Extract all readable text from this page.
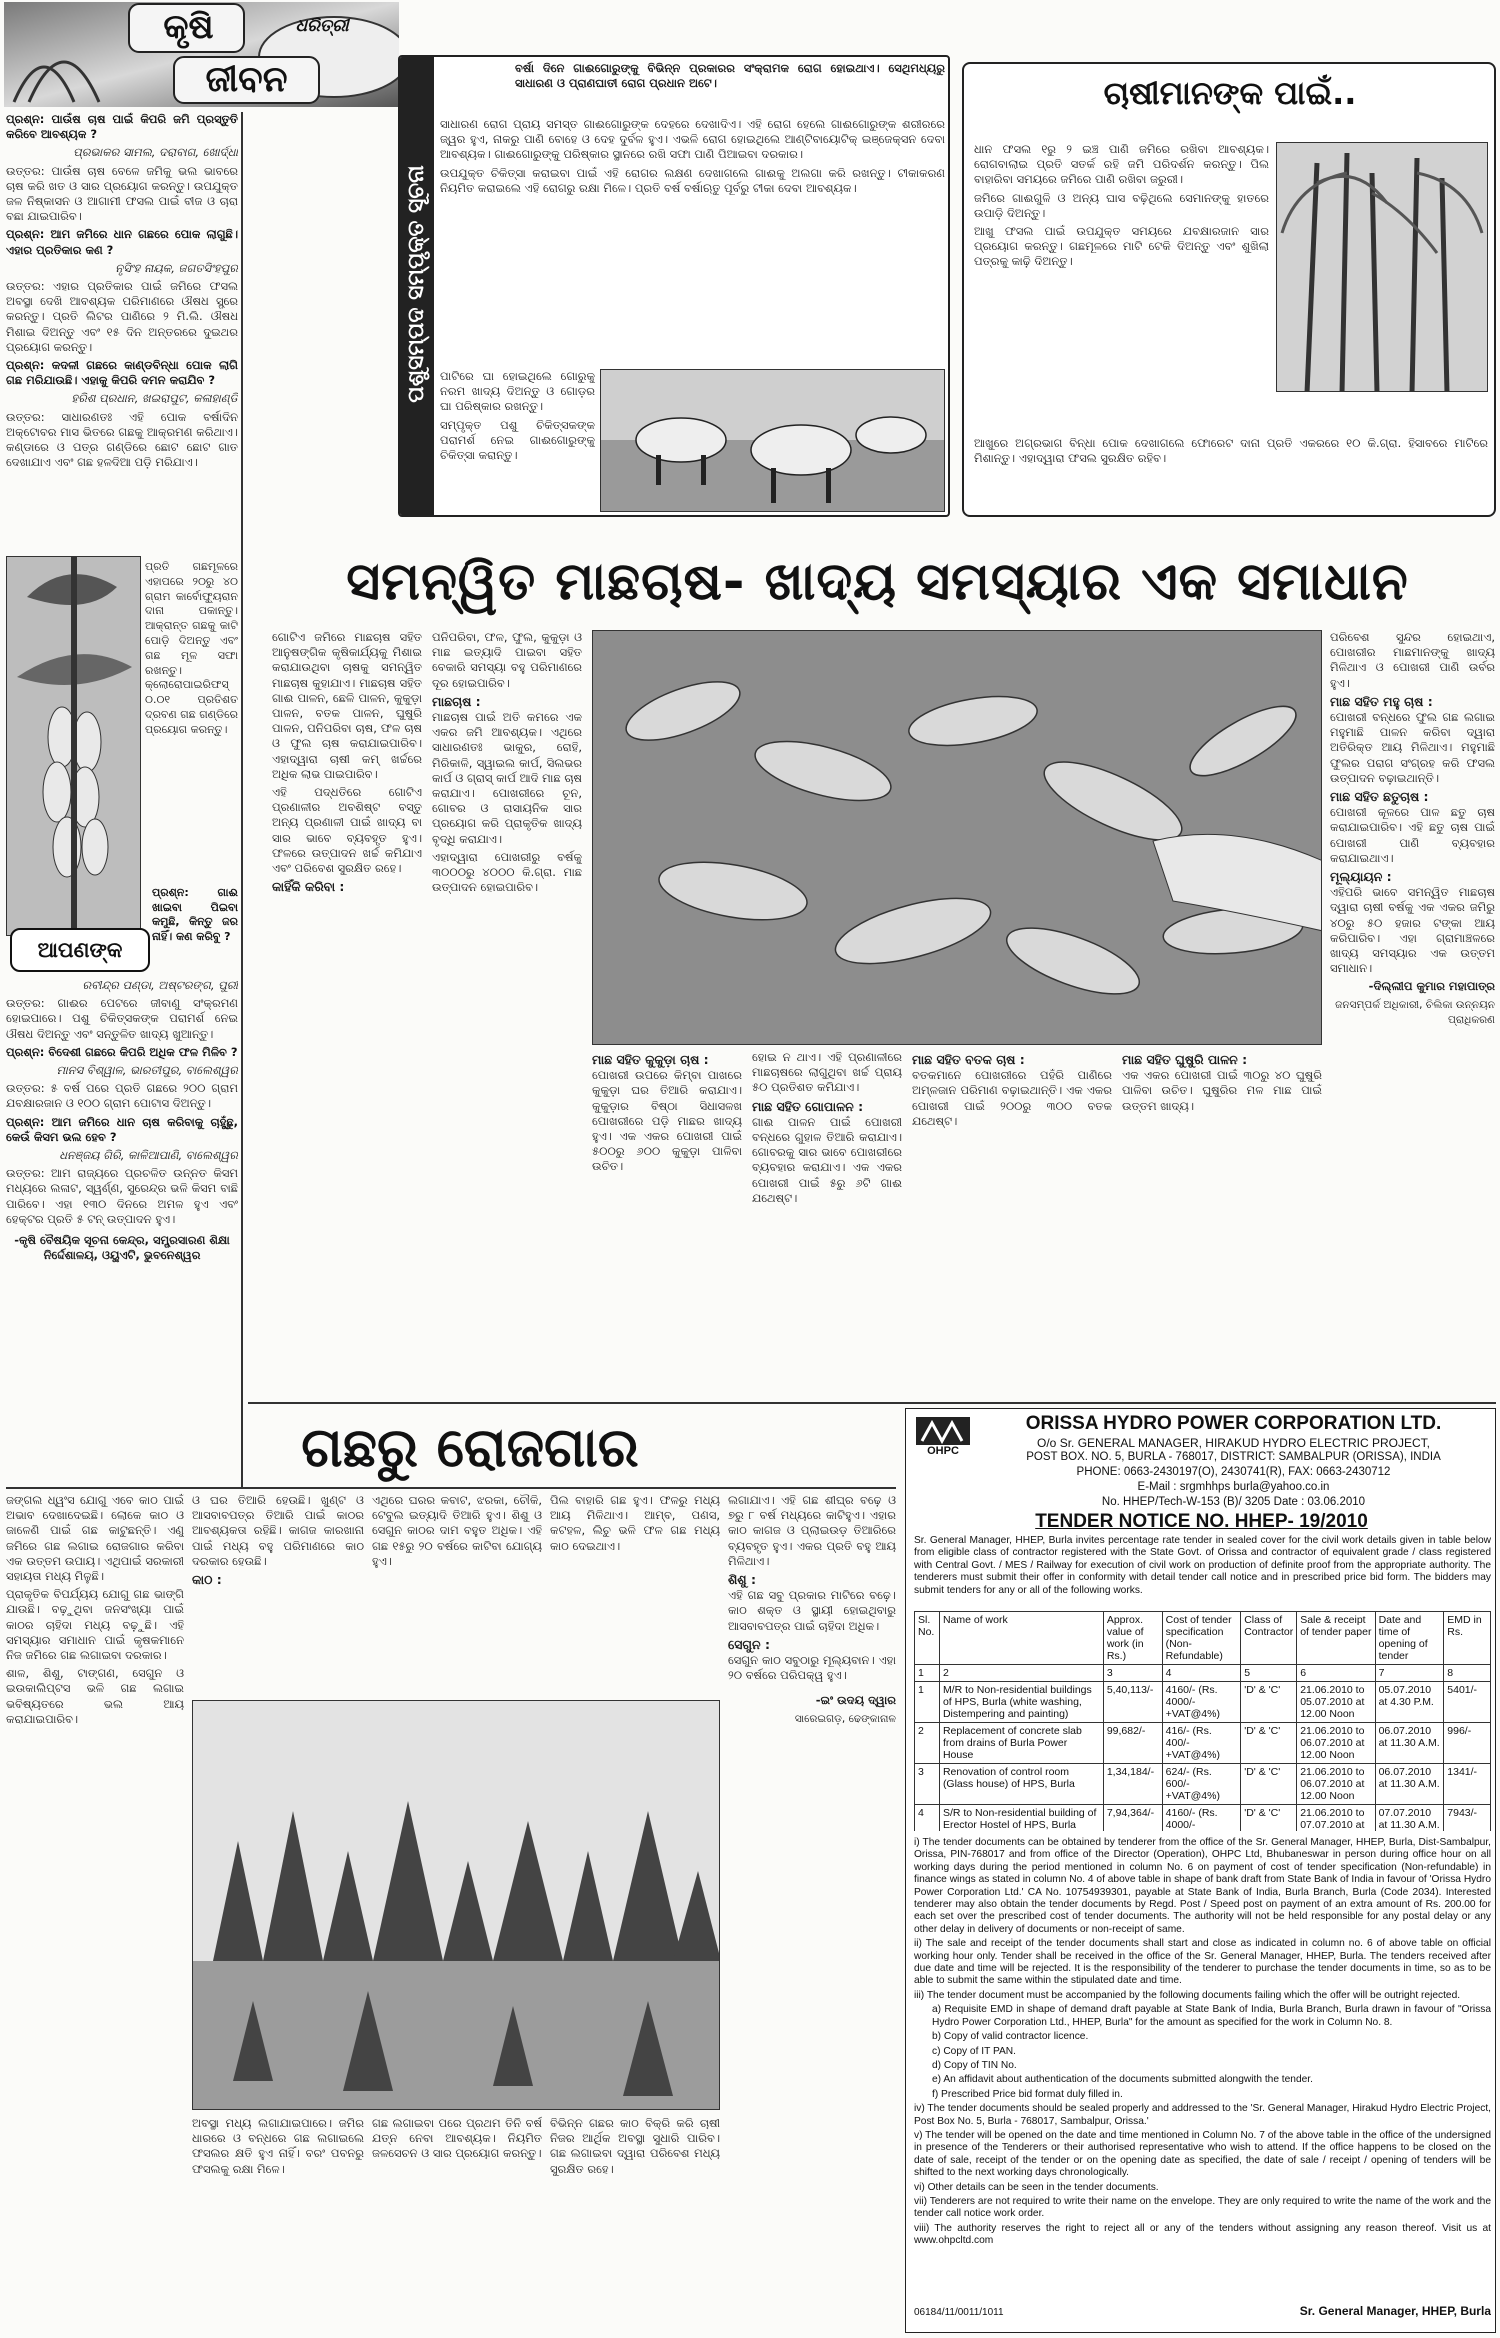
କୃଷି
ଜୀବନ
ଧରିତ୍ରୀ

ପ୍ରଶ୍ନ: ପାଉଁଷ ଚାଷ ପାଇଁ କିପରି ଜମି ପ୍ରସ୍ତୁତି କରିବେ ଆବଶ୍ୟକ ?

ପ୍ରଭାକର ସାମଲ, ଦରାବାଗ, ଖୋର୍ଦ୍ଧା

ଉତ୍ତର: ପାଉଁଷ ଚାଷ ବେଳେ ଜମିକୁ ଭଲ ଭାବରେ ଚାଷ କରି ଖତ ଓ ସାର ପ୍ରୟୋଗ କରନ୍ତୁ। ଉପଯୁକ୍ତ ଜଳ ନିଷ୍କାସନ ଓ ଆଗାମୀ ଫସଲ ପାଇଁ ବୀଜ ଓ ଚାରା ବଛା ଯାଇପାରିବ।

ପ୍ରଶ୍ନ: ଆମ ଜମିରେ ଧାନ ଗଛରେ ପୋକ ଲାଗୁଛି। ଏହାର ପ୍ରତିକାର କଣ ?

ନୃସିଂହ ନାୟକ, ଜଗତସିଂହପୁର

ଉତ୍ତର: ଏହାର ପ୍ରତିକାର ପାଇଁ ଜମିରେ ଫସଲ ଅବସ୍ଥା ଦେଖି ଆବଶ୍ୟକ ପରିମାଣରେ ଔଷଧ ସ୍ପ୍ରେ କରନ୍ତୁ। ପ୍ରତି ଲିଟର ପାଣିରେ ୨ ମି.ଲି. ଔଷଧ ମିଶାଇ ଦିଅନ୍ତୁ ଏବଂ ୧୫ ଦିନ ଅନ୍ତରରେ ଦୁଇଥର ପ୍ରୟୋଗ କରନ୍ତୁ।

ପ୍ରଶ୍ନ: କଦଳୀ ଗଛରେ କାଣ୍ଡବିନ୍ଧା ପୋକ ଲାଗି ଗଛ ମରିଯାଉଛି। ଏହାକୁ କିପରି ଦମନ କରାଯିବ ?

ହରିଶ ପ୍ରଧାନ, ଖଇରାପୁଟ, କଳାହାଣ୍ଡି

ଉତ୍ତର: ସାଧାରଣତଃ ଏହି ପୋକ ବର୍ଷାଦିନ ଅକ୍ଟୋବର ମାସ ଭିତରେ ଗଛକୁ ଆକ୍ରମଣ କରିଥାଏ। କଣ୍ଡାରେ ଓ ପତ୍ର ଗଣ୍ଡିରେ ଛୋଟ ଛୋଟ ଗାତ ଦେଖାଯାଏ ଏବଂ ଗଛ ହଳଦିଆ ପଡ଼ି ମରିଯାଏ।

ପ୍ରତି ଗଛମୂଳରେ ଏହାପରେ ୨୦ରୁ ୪୦ ଗ୍ରାମ କାର୍ବୋଫ୍ୟୁରାନ ଦାନା ପକାନ୍ତୁ। ଆକ୍ରାନ୍ତ ଗଛକୁ କାଟି ପୋଡ଼ି ଦିଅନ୍ତୁ ଏବଂ ଗଛ ମୂଳ ସଫା ରଖନ୍ତୁ। କ୍ଲୋରୋପାଇରିଫସ୍ ୦.୦୧ ପ୍ରତିଶତ ଦ୍ରବଣ ଗଛ ଗଣ୍ଡିରେ ପ୍ରୟୋଗ କରନ୍ତୁ।
ଆପଣଙ୍କ

ପ୍ରଶ୍ନ: ଗାଈ ଖାଇବା ପିଇବା କମୁଛି, କିନ୍ତୁ ଜର ନାହିଁ। କଣ କରିବୁ ?

ରବୀନ୍ଦ୍ର ପଣ୍ଡା, ଅଷ୍ଟରଙ୍ଗ, ପୁରୀ

ଉତ୍ତର: ଗାଈର ପେଟରେ ଜୀବାଣୁ ସଂକ୍ରମଣ ହୋଇପାରେ। ପଶୁ ଚିକିତ୍ସକଙ୍କ ପରାମର୍ଶ ନେଇ ଔଷଧ ଦିଅନ୍ତୁ ଏବଂ ସନ୍ତୁଳିତ ଖାଦ୍ୟ ଖୁଆନ୍ତୁ।

ପ୍ରଶ୍ନ: ବିଦେଶୀ ଗଛରେ କିପରି ଅଧିକ ଫଳ ମିଳିବ ?

ମାନସ ବିଶ୍ୱାଳ, ଭାରତୀପୁର, ବାଲେଶ୍ୱର

ଉତ୍ତର: ୫ ବର୍ଷ ପରେ ପ୍ରତି ଗଛରେ ୨୦୦ ଗ୍ରାମ ଯବକ୍ଷାରଜାନ ଓ ୧୦୦ ଗ୍ରାମ ପୋଟାସ ଦିଅନ୍ତୁ।

ପ୍ରଶ୍ନ: ଆମ ଜମିରେ ଧାନ ଚାଷ କରିବାକୁ ଚାହୁଁଛୁ, କେଉଁ କିସମ ଭଲ ହେବ ?

ଧନଞ୍ଜୟ ଗିରି, କାଳିଆପାଣି, ବାଲେଶ୍ୱର

ଉତ୍ତର: ଆମ ରାଜ୍ୟରେ ପ୍ରଚଳିତ ଉନ୍ନତ କିସମ ମଧ୍ୟରେ ଲଳାଟ, ସ୍ୱର୍ଣ୍ଣ, ସୁରେନ୍ଦ୍ର ଭଳି କିସମ ବାଛି ପାରିବେ। ଏହା ୧୩୦ ଦିନରେ ଅମଳ ହୁଏ ଏବଂ ହେକ୍ଟର ପ୍ରତି ୫ ଟନ୍ ଉତ୍ପାଦନ ହୁଏ।

-କୃଷି ବୈଷୟିକ ସୂଚନା କେନ୍ଦ୍ର, ସମ୍ପ୍ରସାରଣ ଶିକ୍ଷା ନିର୍ଦ୍ଦେଶାଳୟ, ଓୟୁଏଟି, ଭୁବନେଶ୍ୱର

ପଶୁସମ୍ପଦ ସମ୍ପୃକ୍ତ ସୂଚନା
ବର୍ଷା ଦିନେ ଗାଈଗୋରୁଙ୍କୁ ବିଭିନ୍ନ ପ୍ରକାରର ସଂକ୍ରାମକ ରୋଗ ହୋଇଥାଏ। ସେଥିମଧ୍ୟରୁ ସାଧାରଣ ଓ ପ୍ରାଣଘାତୀ ରୋଗ ପ୍ରଧାନ ଅଟେ।

ସାଧାରଣ ରୋଗ ପ୍ରାୟ ସମସ୍ତ ଗାଈଗୋରୁଙ୍କ ଦେହରେ ଦେଖାଦିଏ। ଏହି ରୋଗ ହେଲେ ଗାଈଗୋରୁଙ୍କ ଶରୀରରେ ଜ୍ୱର ହୁଏ, ନାକରୁ ପାଣି ବୋହେ ଓ ଦେହ ଦୁର୍ବଳ ହୁଏ। ଏଭଳି ରୋଗ ହୋଇଥିଲେ ଆଣ୍ଟିବାୟୋଟିକ୍ ଇଞ୍ଜେକ୍ସନ ଦେବା ଆବଶ୍ୟକ। ଗାଈଗୋରୁଙ୍କୁ ପରିଷ୍କାର ସ୍ଥାନରେ ରଖି ସଫା ପାଣି ପିଆଇବା ଦରକାର।

ଉପଯୁକ୍ତ ଚିକିତ୍ସା କରାଇବା ପାଇଁ ଏହି ରୋଗର ଲକ୍ଷଣ ଦେଖାଗଲେ ଗାଈକୁ ଅଲଗା କରି ରଖନ୍ତୁ। ଟୀକାକରଣ ନିୟମିତ କରାଇଲେ ଏହି ରୋଗରୁ ରକ୍ଷା ମିଳେ। ପ୍ରତି ବର୍ଷ ବର୍ଷାଋତୁ ପୂର୍ବରୁ ଟୀକା ଦେବା ଆବଶ୍ୟକ।

ପାଟିରେ ଘା ହୋଇଥିଲେ ଗୋରୁକୁ ନରମ ଖାଦ୍ୟ ଦିଅନ୍ତୁ ଓ ଗୋଡ଼ର ଘା ପରିଷ୍କାର ରଖନ୍ତୁ।

ସମ୍ପୃକ୍ତ ପଶୁ ଚିକିତ୍ସକଙ୍କ ପରାମର୍ଶ ନେଇ ଗାଈଗୋରୁଙ୍କୁ ଚିକିତ୍ସା କରାନ୍ତୁ।

ଚାଷୀମାନଙ୍କ ପାଇଁ..

ଧାନ ଫସଲ ୧ରୁ ୨ ଇଞ୍ଚ ପାଣି ଜମିରେ ରଖିବା ଆବଶ୍ୟକ। ରୋଗବାଲାଇ ପ୍ରତି ସତର୍କ ରହି ଜମି ପରିଦର୍ଶନ କରନ୍ତୁ। ପିଲ ବାହାରିବା ସମୟରେ ଜମିରେ ପାଣି ରଖିବା ଜରୁରୀ।

ଜମିରେ ଗାଈଗୁଳି ଓ ଅନ୍ୟ ଘାସ ବଢ଼ିଥିଲେ ସେମାନଙ୍କୁ ହାତରେ ଉପାଡ଼ି ଦିଅନ୍ତୁ।

ଆଖୁ ଫସଲ ପାଇଁ ଉପଯୁକ୍ତ ସମୟରେ ଯବକ୍ଷାରଜାନ ସାର ପ୍ରୟୋଗ କରନ୍ତୁ। ଗଛମୂଳରେ ମାଟି ଟେକି ଦିଅନ୍ତୁ ଏବଂ ଶୁଖିଲା ପତ୍ରକୁ କାଢ଼ି ଦିଅନ୍ତୁ।

ଆଖୁରେ ଅଗ୍ରଭାଗ ବିନ୍ଧା ପୋକ ଦେଖାଗଲେ ଫୋରେଟ ଦାନା ପ୍ରତି ଏକରରେ ୧୦ କି.ଗ୍ରା. ହିସାବରେ ମାଟିରେ ମିଶାନ୍ତୁ। ଏହାଦ୍ୱାରା ଫସଲ ସୁରକ୍ଷିତ ରହିବ।

ସମନ୍ୱିତ ମାଛଚାଷ- ଖାଦ୍ୟ ସମସ୍ୟାର ଏକ ସମାଧାନ

ଗୋଟିଏ ଜମିରେ ମାଛଚାଷ ସହିତ ଆନୁଷଙ୍ଗିକ କୃଷିକାର୍ଯ୍ୟକୁ ମିଶାଇ କରାଯାଉଥିବା ଚାଷକୁ ସମନ୍ୱିତ ମାଛଚାଷ କୁହାଯାଏ। ମାଛଚାଷ ସହିତ ଗାଈ ପାଳନ, ଛେଳି ପାଳନ, କୁକୁଡ଼ା ପାଳନ, ବତକ ପାଳନ, ଘୁଷୁରି ପାଳନ, ପନିପରିବା ଚାଷ, ଫଳ ଚାଷ ଓ ଫୁଲ ଚାଷ କରାଯାଇପାରିବ। ଏହାଦ୍ୱାରା ଚାଷୀ କମ୍ ଖର୍ଚ୍ଚରେ ଅଧିକ ଲାଭ ପାଇପାରିବ।

ଏହି ପଦ୍ଧତିରେ ଗୋଟିଏ ପ୍ରଣାଳୀର ଅବଶିଷ୍ଟ ବସ୍ତୁ ଅନ୍ୟ ପ୍ରଣାଳୀ ପାଇଁ ଖାଦ୍ୟ ବା ସାର ଭାବେ ବ୍ୟବହୃତ ହୁଏ। ଫଳରେ ଉତ୍ପାଦନ ଖର୍ଚ୍ଚ କମିଯାଏ ଏବଂ ପରିବେଶ ସୁରକ୍ଷିତ ରହେ।

କାହିଁକି କରିବା :

ପନିପରିବା, ଫଳ, ଫୁଲ, କୁକୁଡ଼ା ଓ ମାଛ ଇତ୍ୟାଦି ପାଇବା ସହିତ ବେକାରି ସମସ୍ୟା ବହୁ ପରିମାଣରେ ଦୂର ହୋଇପାରିବ।

ମାଛଚାଷ :

ମାଛଚାଷ ପାଇଁ ଅତି କମରେ ଏକ ଏକର ଜମି ଆବଶ୍ୟକ। ଏଥିରେ ସାଧାରଣତଃ ଭାକୁର, ରୋହି, ମିରିକାଳି, ସ୍ୱାଇଲ କାର୍ପ, ସିଲଭର କାର୍ପ ଓ ଗ୍ରାସ୍ କାର୍ପ ଆଦି ମାଛ ଚାଷ କରାଯାଏ। ପୋଖରୀରେ ଚୂନ, ଗୋବର ଓ ରାସାୟନିକ ସାର ପ୍ରୟୋଗ କରି ପ୍ରାକୃତିକ ଖାଦ୍ୟ ବୃଦ୍ଧି କରାଯାଏ।

ଏହାଦ୍ୱାରା ପୋଖରୀରୁ ବର୍ଷକୁ ୩୦୦୦ରୁ ୪୦୦୦ କି.ଗ୍ରା. ମାଛ ଉତ୍ପାଦନ ହୋଇପାରିବ।

ପରିବେଶ ସୁନ୍ଦର ହୋଇଥାଏ, ପୋଖରୀର ମାଛମାନଙ୍କୁ ଖାଦ୍ୟ ମିଳିଥାଏ ଓ ପୋଖରୀ ପାଣି ଉର୍ବର ହୁଏ।

ମାଛ ସହିତ ମହୁ ଚାଷ :

ପୋଖରୀ ବନ୍ଧରେ ଫୁଲ ଗଛ ଲଗାଇ ମହୁମାଛି ପାଳନ କରିବା ଦ୍ୱାରା ଅତିରିକ୍ତ ଆୟ ମିଳିଥାଏ। ମହୁମାଛି ଫୁଲର ପରାଗ ସଂଗ୍ରହ କରି ଫସଲ ଉତ୍ପାଦନ ବଢ଼ାଇଥାନ୍ତି।

ମାଛ ସହିତ ଛତୁଚାଷ :

ପୋଖରୀ କୂଳରେ ପାଳ ଛତୁ ଚାଷ କରାଯାଇପାରିବ। ଏହି ଛତୁ ଚାଷ ପାଇଁ ପୋଖରୀ ପାଣି ବ୍ୟବହାର କରାଯାଇଥାଏ।

ମୂଲ୍ୟାୟନ :

ଏହିପରି ଭାବେ ସମନ୍ୱିତ ମାଛଚାଷ ଦ୍ୱାରା ଚାଷୀ ବର୍ଷକୁ ଏକ ଏକର ଜମିରୁ ୪୦ରୁ ୫୦ ହଜାର ଟଙ୍କା ଆୟ କରିପାରିବ। ଏହା ଗ୍ରାମାଞ୍ଚଳରେ ଖାଦ୍ୟ ସମସ୍ୟାର ଏକ ଉତ୍ତମ ସମାଧାନ।

-ଦିଲ୍ଲୀପ କୁମାର ମହାପାତ୍ର

ଜନସମ୍ପର୍କ ଅଧିକାରୀ, ଚିଲିକା ଉନ୍ନୟନ ପ୍ରାଧିକରଣ

ମାଛ ସହିତ କୁକୁଡ଼ା ଚାଷ :

ପୋଖରୀ ଉପରେ କିମ୍ବା ପାଖରେ କୁକୁଡ଼ା ଘର ତିଆରି କରାଯାଏ। କୁକୁଡ଼ାର ବିଷ୍ଠା ସିଧାସଳଖ ପୋଖରୀରେ ପଡ଼ି ମାଛର ଖାଦ୍ୟ ହୁଏ। ଏକ ଏକର ପୋଖରୀ ପାଇଁ ୫୦୦ରୁ ୬୦୦ କୁକୁଡ଼ା ପାଳିବା ଉଚିତ।

ହୋଇ ନ ଥାଏ। ଏହି ପ୍ରଣାଳୀରେ ମାଛଚାଷରେ ଲାଗୁଥିବା ଖର୍ଚ୍ଚ ପ୍ରାୟ ୫୦ ପ୍ରତିଶତ କମିଯାଏ।

ମାଛ ସହିତ ଗୋପାଳନ :

ଗାଈ ପାଳନ ପାଇଁ ପୋଖରୀ ବନ୍ଧରେ ଗୁହାଳ ତିଆରି କରାଯାଏ। ଗୋବରକୁ ସାର ଭାବେ ପୋଖରୀରେ ବ୍ୟବହାର କରାଯାଏ। ଏକ ଏକର ପୋଖରୀ ପାଇଁ ୫ରୁ ୬ଟି ଗାଈ ଯଥେଷ୍ଟ।

ମାଛ ସହିତ ବତକ ଚାଷ :

ବତକମାନେ ପୋଖରୀରେ ପହଁରି ପାଣିରେ ଅମ୍ଳଜାନ ପରିମାଣ ବଢ଼ାଇଥାନ୍ତି। ଏକ ଏକର ପୋଖରୀ ପାଇଁ ୨୦୦ରୁ ୩୦୦ ବତକ ଯଥେଷ୍ଟ।

ମାଛ ସହିତ ଘୁଷୁରି ପାଳନ :

ଏକ ଏକର ପୋଖରୀ ପାଇଁ ୩୦ରୁ ୪୦ ଘୁଷୁରି ପାଳିବା ଉଚିତ। ଘୁଷୁରିର ମଳ ମାଛ ପାଇଁ ଉତ୍ତମ ଖାଦ୍ୟ।

ଗଛରୁ ରୋଜଗାର

ଜଙ୍ଗଲ ଧ୍ୱଂସ ଯୋଗୁ ଏବେ କାଠ ପାଇଁ ଅଭାବ ଦେଖାଦେଇଛି। ଲୋକେ କାଠ ଓ ଜାଳେଣି ପାଇଁ ଗଛ କାଟୁଛନ୍ତି। ଏଣୁ ଜମିରେ ଗଛ ଲଗାଇ ରୋଜଗାର କରିବା ଏକ ଉତ୍ତମ ଉପାୟ। ଏଥିପାଇଁ ସରକାରୀ ସହାୟତା ମଧ୍ୟ ମିଳୁଛି।

ପ୍ରାକୃତିକ ବିପର୍ଯ୍ୟୟ ଯୋଗୁ ଗଛ ଭାଙ୍ଗି ଯାଉଛି। ବଢ଼ୁଥିବା ଜନସଂଖ୍ୟା ପାଇଁ କାଠର ଚାହିଦା ମଧ୍ୟ ବଢ଼ୁଛି। ଏହି ସମସ୍ୟାର ସମାଧାନ ପାଇଁ କୃଷକମାନେ ନିଜ ଜମିରେ ଗଛ ଲଗାଇବା ଦରକାର।

ଶାଳ, ଶିଶୁ, ଟାଙ୍ଗଣ, ସେଗୁନ ଓ ଇଉକାଲିପ୍ଟସ ଭଳି ଗଛ ଲଗାଇ ଭବିଷ୍ୟତରେ ଭଲ ଆୟ କରାଯାଇପାରିବ।

ଓ ଘର ତିଆରି ହେଉଛି। ଖୁଣ୍ଟ ଓ ଆସବାବପତ୍ର ତିଆରି ପାଇଁ କାଠର ଆବଶ୍ୟକତା ରହିଛି। କାଗଜ କାରଖାନା ପାଇଁ ମଧ୍ୟ ବହୁ ପରିମାଣରେ କାଠ ଦରକାର ହେଉଛି।

କାଠ :

ଏଥିରେ ଘରର କବାଟ, ଝରକା, ଚୌକି, ଟେବୁଲ ଇତ୍ୟାଦି ତିଆରି ହୁଏ। ଶିଶୁ ଓ ସେଗୁନ କାଠର ଦାମ ବହୁତ ଅଧିକ। ଏହି ଗଛ ୧୫ରୁ ୨୦ ବର୍ଷରେ କାଟିବା ଯୋଗ୍ୟ ହୁଏ।

ପିଲ ବାହାରି ଗଛ ହୁଏ। ଫଳରୁ ମଧ୍ୟ ଆୟ ମିଳିଥାଏ। ଆମ୍ବ, ପଣସ, କଟହଳ, ଲିଚୁ ଭଳି ଫଳ ଗଛ ମଧ୍ୟ କାଠ ଦେଇଥାଏ।

ଲଗାଯାଏ। ଏହି ଗଛ ଶୀଘ୍ର ବଢ଼େ ଓ ୭ରୁ ୮ ବର୍ଷ ମଧ୍ୟରେ କାଟିହୁଏ। ଏହାର କାଠ କାଗଜ ଓ ପ୍ଲାଇଉଡ଼ ତିଆରିରେ ବ୍ୟବହୃତ ହୁଏ। ଏକର ପ୍ରତି ବହୁ ଆୟ ମିଳିଥାଏ।

ଶିଶୁ :

ଏହି ଗଛ ସବୁ ପ୍ରକାର ମାଟିରେ ବଢ଼େ। କାଠ ଶକ୍ତ ଓ ସ୍ଥାୟୀ ହୋଇଥିବାରୁ ଆସବାବପତ୍ର ପାଇଁ ଚାହିଦା ଅଧିକ।

ସେଗୁନ :

ସେଗୁନ କାଠ ସବୁଠାରୁ ମୂଲ୍ୟବାନ। ଏହା ୨୦ ବର୍ଷରେ ପରିପକ୍ୱ ହୁଏ।

-ଇଂ ଉଦୟ ଦ୍ୱାର

ସାରେଇଗଡ଼, ଢେଙ୍କାନାଳ

ଅବସ୍ଥା ମଧ୍ୟ ଲଗାଯାଇପାରେ। ଜମିର ଧାରରେ ଓ ବନ୍ଧରେ ଗଛ ଲଗାଇଲେ ଫସଲର କ୍ଷତି ହୁଏ ନାହିଁ। ବରଂ ପବନରୁ ଫସଲକୁ ରକ୍ଷା ମିଳେ।
ଗଛ ଲଗାଇବା ପରେ ପ୍ରଥମ ତିନି ବର୍ଷ ଯତ୍ନ ନେବା ଆବଶ୍ୟକ। ନିୟମିତ ଜଳସେଚନ ଓ ସାର ପ୍ରୟୋଗ କରନ୍ତୁ।
ବିଭିନ୍ନ ଗଛର କାଠ ବିକ୍ରି କରି ଚାଷୀ ନିଜର ଆର୍ଥିକ ଅବସ୍ଥା ସୁଧାରି ପାରିବ। ଗଛ ଲଗାଇବା ଦ୍ୱାରା ପରିବେଶ ମଧ୍ୟ ସୁରକ୍ଷିତ ରହେ।
OHPC
ORISSA HYDRO POWER CORPORATION LTD.
O/o Sr. GENERAL MANAGER, HIRAKUD HYDRO ELECTRIC PROJECT,
POST BOX. NO. 5, BURLA - 768017, DISTRICT: SAMBALPUR (ORISSA), INDIA
PHONE: 0663-2430197(O), 2430741(R), FAX: 0663-2430712
E-Mail : srgmhhps burla@yahoo.co.in
No. HHEP/Tech-W-153 (B)/ 3205 Date : 03.06.2010
TENDER NOTICE NO. HHEP- 19/2010
Sr. General Manager, HHEP, Burla invites percentage rate tender in sealed cover for the civil work details given in table below from eligible class of contractor registered with the State Govt. of Orissa and contractor of equivalent grade / class registered with Central Govt. / MES / Railway for execution of civil work on production of definite proof from the appropriate authority. The tenderers must submit their offer in conformity with detail tender call notice and in prescribed price bid form. The bidders may submit tenders for any or all of the following works.
Sl. No.	Name of work	Approx. value of work (in Rs.)	Cost of tender specification (Non-Refundable)	Class of Contractor	Sale & receipt of tender paper	Date and time of opening of tender	EMD in Rs.
1	2	3	4	5	6	7	8
1	M/R to Non-residential buildings of HPS, Burla (white washing, Distempering and painting)	5,40,113/-	4160/- (Rs. 4000/- +VAT@4%)	'D' & 'C'	21.06.2010 to 05.07.2010 at 12.00 Noon	05.07.2010 at 4.30 P.M.	5401/-
2	Replacement of concrete slab from drains of Burla Power House	99,682/-	416/- (Rs. 400/- +VAT@4%)	'D' & 'C'	21.06.2010 to 06.07.2010 at 12.00 Noon	06.07.2010 at 11.30 A.M.	996/-
3	Renovation of control room (Glass house) of HPS, Burla	1,34,184/-	624/- (Rs. 600/- +VAT@4%)	'D' & 'C'	21.06.2010 to 06.07.2010 at 12.00 Noon	06.07.2010 at 11.30 A.M.	1341/-
4	S/R to Non-residential building of Erector Hostel of HPS, Burla	7,94,364/-	4160/- (Rs. 4000/-	'D' & 'C'	21.06.2010 to 07.07.2010 at	07.07.2010 at 11.30 A.M.	7943/-
i) The tender documents can be obtained by tenderer from the office of the Sr. General Manager, HHEP, Burla, Dist-Sambalpur, Orissa, PIN-768017 and from office of the Director (Operation), OHPC Ltd, Bhubaneswar in person during office hour on all working days during the period mentioned in column No. 6 on payment of cost of tender specification (Non-refundable) in finance wings as stated in column No. 4 of above table in shape of bank draft from State Bank of India in favour of 'Orissa Hydro Power Corporation Ltd.' CA No. 10754939301, payable at State Bank of India, Burla Branch, Burla (Code 2034). Interested tenderer may also obtain the tender documents by Regd. Post / Speed post on payment of an extra amount of Rs. 200.00 for each set over the prescribed cost of tender documents. The authority will not be held responsible for any postal delay or any other delay in delivery of documents or non-receipt of same.
ii) The sale and receipt of the tender documents shall start and close as indicated in column no. 6 of above table on official working hour only. Tender shall be received in the office of the Sr. General Manager, HHEP, Burla. The tenders received after due date and time will be rejected. It is the responsibility of the tenderer to purchase the tender documents in time, so as to be able to submit the same within the stipulated date and time.
iii) The tender document must be accompanied by the following documents failing which the offer will be outright rejected.
a) Requisite EMD in shape of demand draft payable at State Bank of India, Burla Branch, Burla drawn in favour of "Orissa Hydro Power Corporation Ltd., HHEP, Burla" for the amount as specified for the work in Column No. 8.
b) Copy of valid contractor licence.
c) Copy of IT PAN.
d) Copy of TIN No.
e) An affidavit about authentication of the documents submitted alongwith the tender.
f) Prescribed Price bid format duly filled in.
iv) The tender documents should be sealed properly and addressed to the 'Sr. General Manager, Hirakud Hydro Electric Project, Post Box No. 5, Burla - 768017, Sambalpur, Orissa.'
v) The tender will be opened on the date and time mentioned in Column No. 7 of the above table in the office of the undersigned in presence of the Tenderers or their authorised representative who wish to attend. If the office happens to be closed on the date of sale, receipt of the tender or on the opening date as specified, the date of sale / receipt / opening of tenders will be shifted to the next working days chronologically.
vi) Other details can be seen in the tender documents.
vii) Tenderers are not required to write their name on the envelope. They are only required to write the name of the work and the tender call notice work order.
viii) The authority reserves the right to reject all or any of the tenders without assigning any reason thereof. Visit us at www.ohpcltd.com
06184/11/0011/1011	Sr. General Manager, HHEP, Burla
